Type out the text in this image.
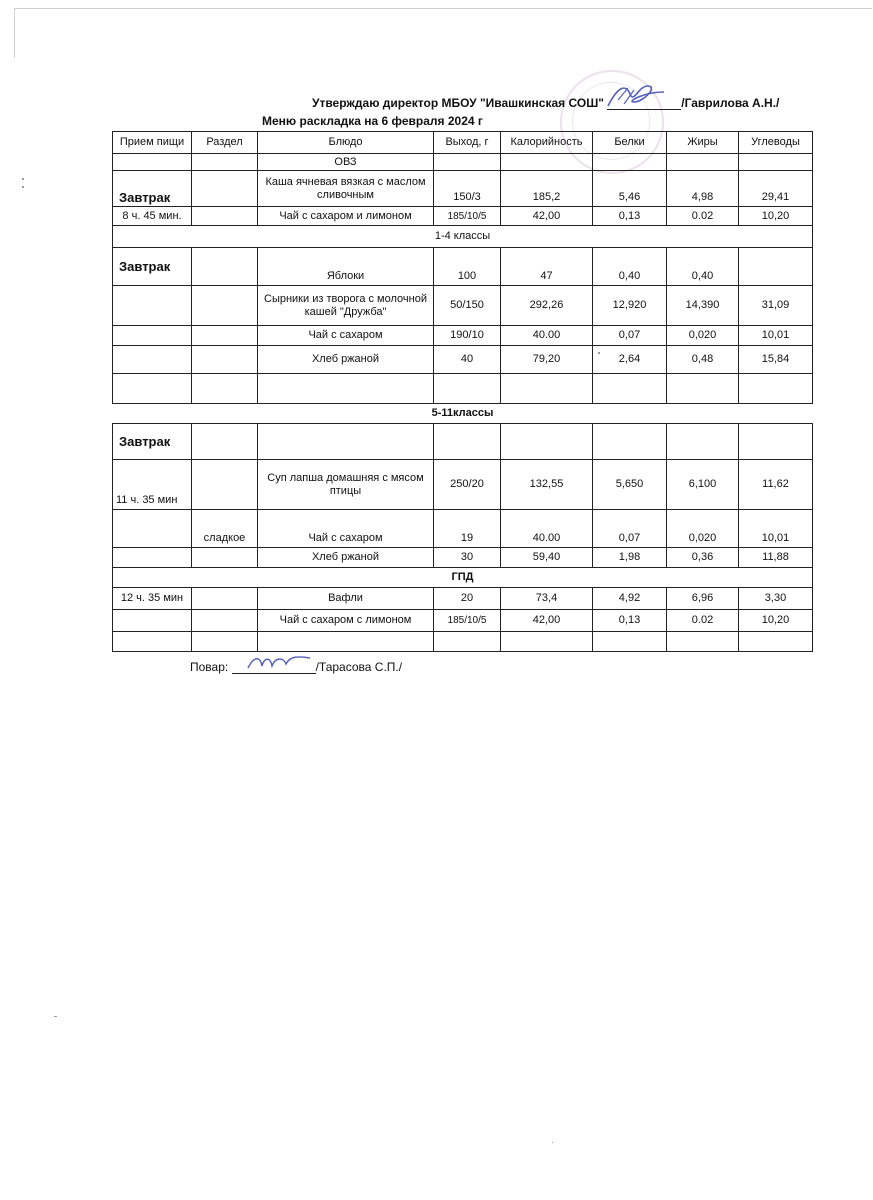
Утверждаю директор МБОУ "Ивашкинская СОШ"	/Гаврилова А.Н./
Меню раскладка на 6 февраля 2024 г
Прием пищи	Раздел	Блюдо	Выход, г	Калорийность	Белки	Жиры	Углеводы
		ОВЗ					
Завтрак		Каша ячневая вязкая с маслом сливочным	150/3	185,2	5,46	4,98	29,41
8 ч. 45 мин.		Чай с сахаром и лимоном	185/10/5	42,00	0,13	0.02	10,20
1-4 классы							
Завтрак		Яблоки	100	47	0,40	0,40	
		Сырники из творога с молочной кашей "Дружба"	50/150	292,26	12,920	14,390	31,09
		Чай с сахаром	190/10	40.00	0,07	0,020	10,01
		Хлеб ржаной	40	79,20	2,64	0,48	15,84

5-11классы							
Завтрак							
11 ч. 35 мин		Суп лапша домашняя с мясом птицы	250/20	132,55	5,650	6,100	11,62
	сладкое	Чай с сахаром	19	40.00	0,07	0,020	10,01
		Хлеб ржаной	30	59,40	1,98	0,36	11,88
ГПД							
12 ч. 35 мин		Вафли	20	73,4	4,92	6,96	3,30
		Чай с сахаром с лимоном	185/10/5	42,00	0,13	0.02	10,20

Повар:	/Тарасова С.П./
